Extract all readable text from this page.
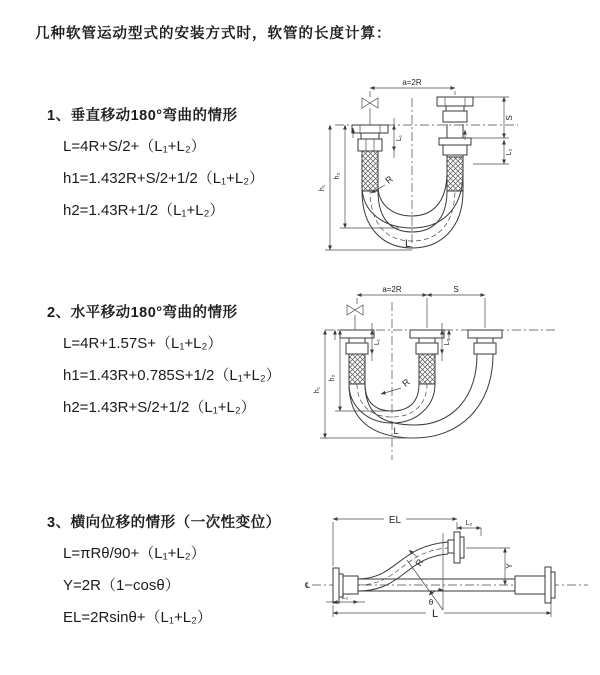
几种软管运动型式的安装方式时，软管的长度计算：
1、垂直移动180°弯曲的情形
L=4R+S/2+（L₁+L₂）
h1=1.432R+S/2+1/2（L₁+L₂）
h2=1.43R+1/2（L₁+L₂）
2、水平移动180°弯曲的情形
L=4R+1.57S+（L₁+L₂）
h1=1.43R+0.785S+1/2（L₁+L₂）
h2=1.43R+S/2+1/2（L₁+L₂）
3、横向位移的情形（一次性变位）
L=πRθ/90+（L₁+L₂）
Y=2R（1−cosθ）
EL=2Rsinθ+（L₁+L₂）
a=2R
S
L₂
L₁
h₁
h₂	R
L
a=2R	S
L₁	L₂
h₁
h₂	R
L
℄
θ
R
EL	L₂
Y
L₁
L
